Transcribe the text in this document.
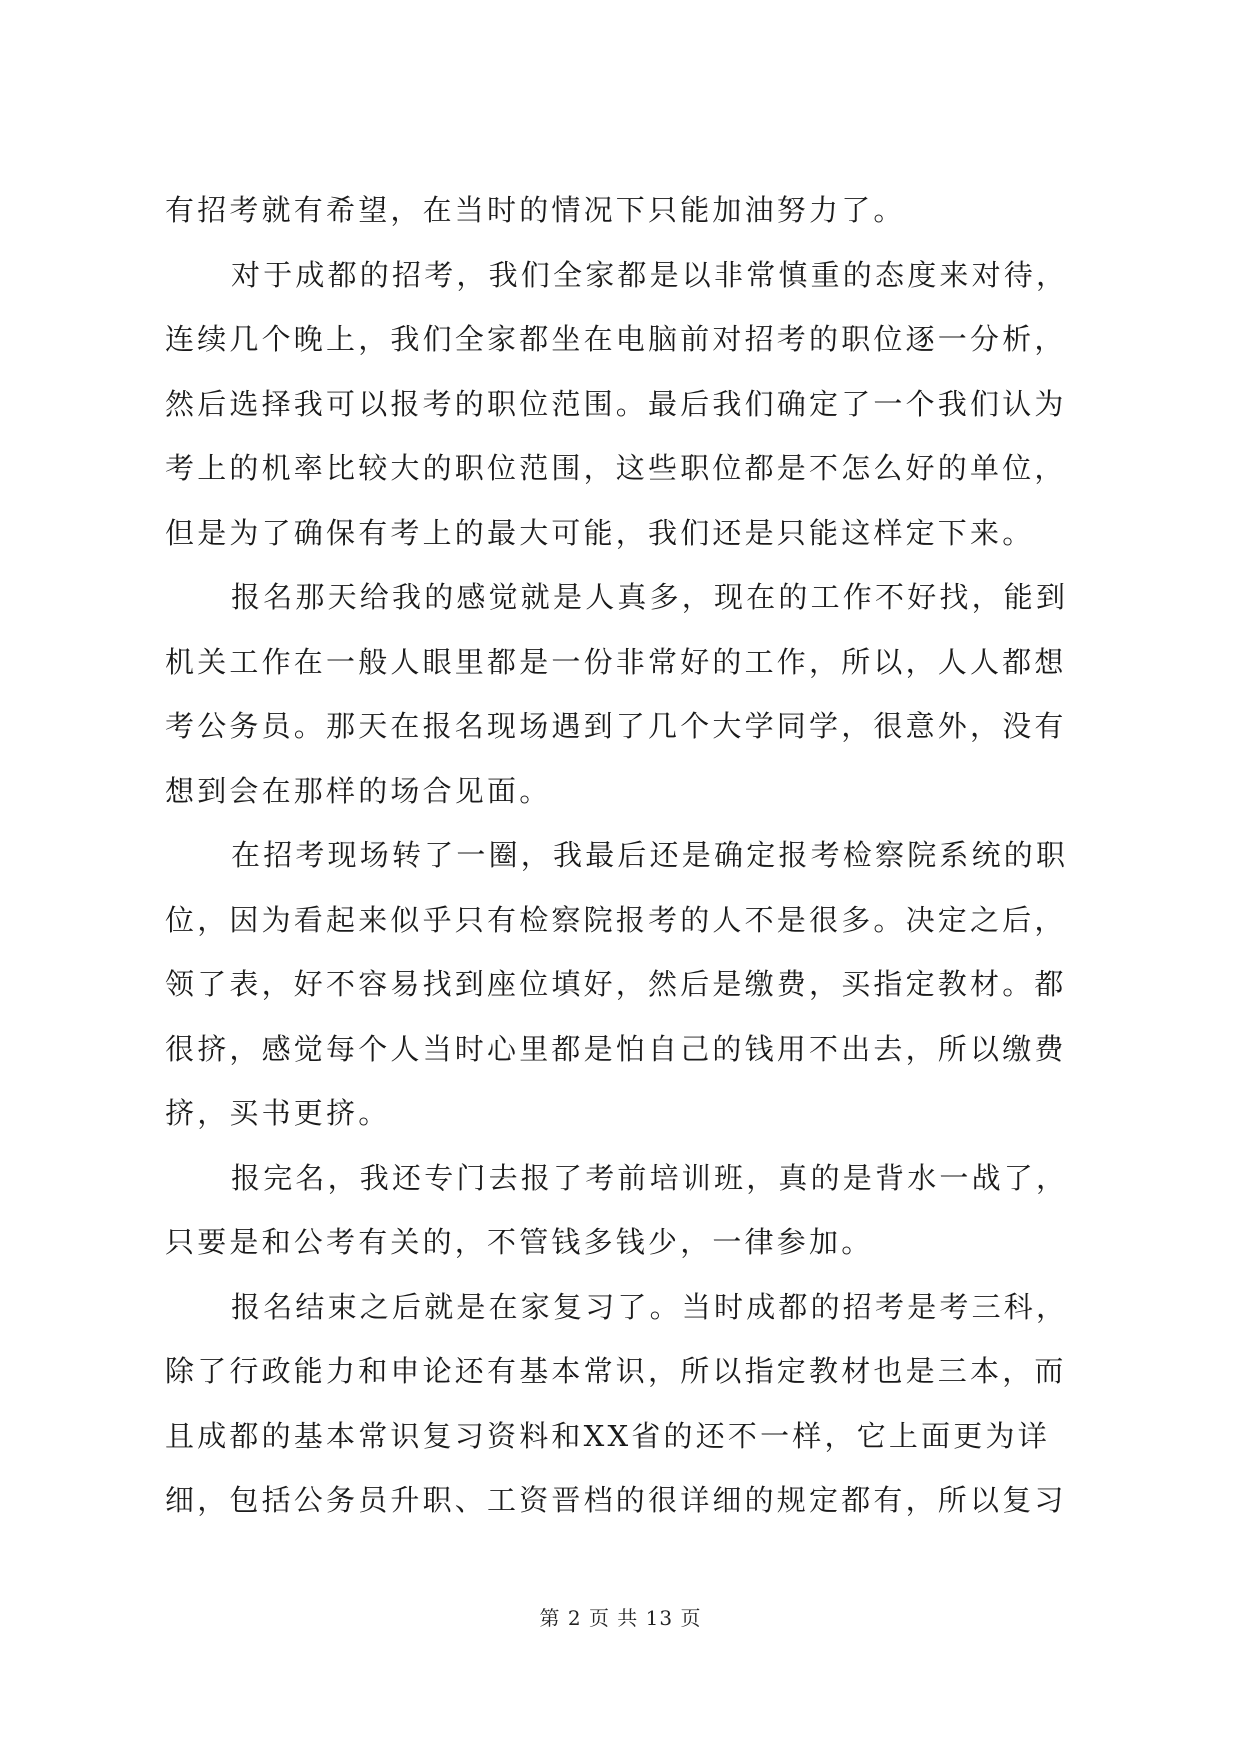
有招考就有希望，在当时的情况下只能加油努力了。
对于成都的招考，我们全家都是以非常慎重的态度来对待，
连续几个晚上，我们全家都坐在电脑前对招考的职位逐一分析，
然后选择我可以报考的职位范围。最后我们确定了一个我们认为
考上的机率比较大的职位范围，这些职位都是不怎么好的单位，
但是为了确保有考上的最大可能，我们还是只能这样定下来。
报名那天给我的感觉就是人真多，现在的工作不好找，能到
机关工作在一般人眼里都是一份非常好的工作，所以，人人都想
考公务员。那天在报名现场遇到了几个大学同学，很意外，没有
想到会在那样的场合见面。
在招考现场转了一圈，我最后还是确定报考检察院系统的职
位，因为看起来似乎只有检察院报考的人不是很多。决定之后，
领了表，好不容易找到座位填好，然后是缴费，买指定教材。都
很挤，感觉每个人当时心里都是怕自己的钱用不出去，所以缴费
挤，买书更挤。
报完名，我还专门去报了考前培训班，真的是背水一战了，
只要是和公考有关的，不管钱多钱少，一律参加。
报名结束之后就是在家复习了。当时成都的招考是考三科，
除了行政能力和申论还有基本常识，所以指定教材也是三本，而
且成都的基本常识复习资料和XX省的还不一样，它上面更为详
细，包括公务员升职、工资晋档的很详细的规定都有，所以复习
第 2 页 共 13 页
